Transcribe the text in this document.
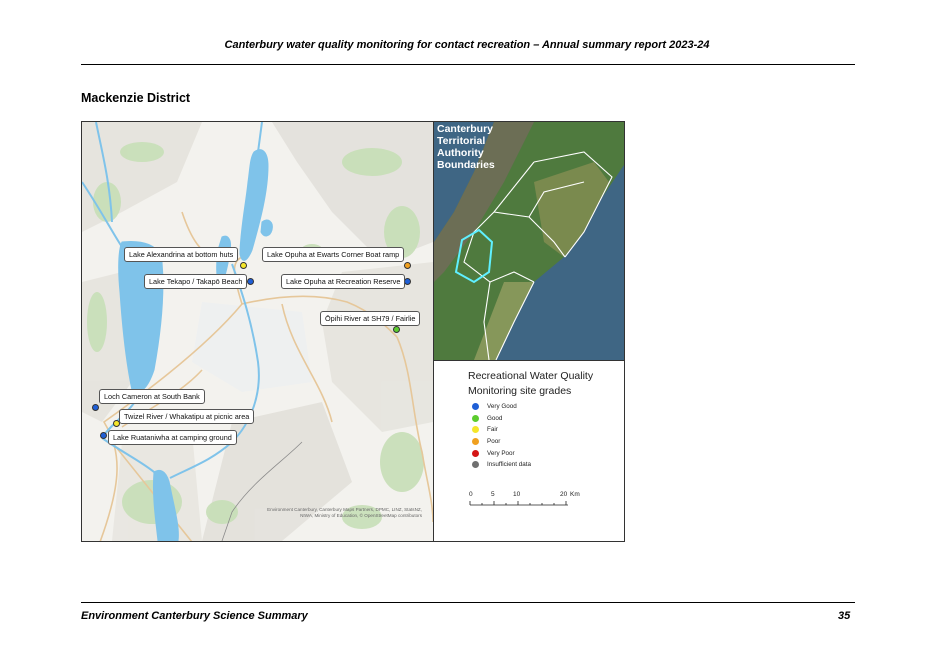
Canterbury water quality monitoring for contact recreation – Annual summary report 2023-24
Mackenzie District
Lake Alexandrina at bottom huts
Lake Tekapo / Takapō Beach
Lake Opuha at Ewarts Corner Boat ramp
Lake Opuha at Recreation Reserve
Ōpihi River at SH79 / Fairlie
Loch Cameron at South Bank
Twizel River / Whakatipu at picnic area
Lake Ruataniwha at camping ground
Environment Canterbury, Canterbury Maps Partners, DPMC, LINZ, StatsNZ, NIWA, Ministry of Education, © OpenStreetMap contributors
Canterbury
Territorial
Authority
Boundaries
Recreational Water Quality
Monitoring site grades
Very Good
Good
Fair
Poor
Very Poor
Insufficient data
0	5	10	20 Km
Environment Canterbury Science Summary	35
